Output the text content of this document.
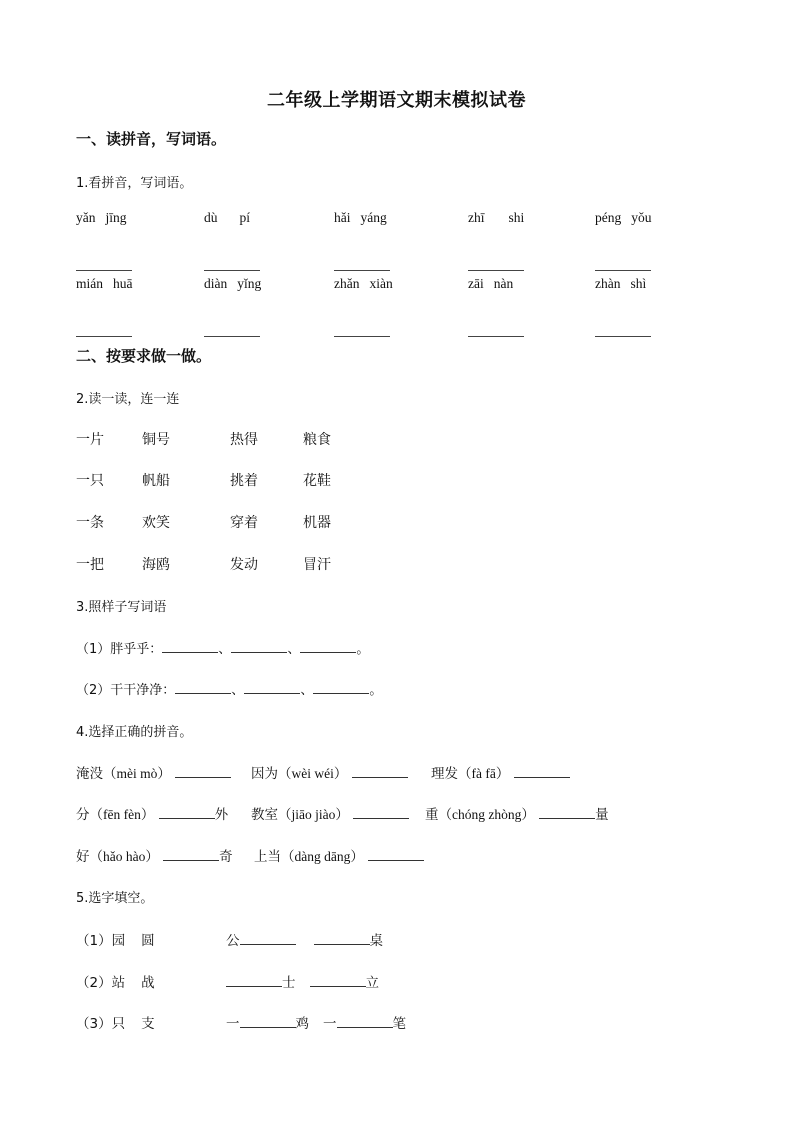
二年级上学期语文期末模拟试卷
一、读拼音，写词语。
1.看拼音，写词语。
yǎn jīng	dù pí	hǎi yáng	zhī shi	péng yǒu
mián huā	diàn yǐng	zhǎn xiàn	zāi nàn	zhàn shì
二、按要求做一做。
2.读一读，连一连
一片	铜号	热得	粮食
一只	帆船	挑着	花鞋
一条	欢笑	穿着	机器
一把	海鸥	发动	冒汗
3.照样子写词语
（1）胖乎乎：	、	、	。
（2）干干净净：	、	、	。
4.选择正确的拼音。
淹没（mèi mò）	因为（wèi wéi）	理发（fà fā）
分（fēn fèn）	外 教室（jiāo jiào）	重（chóng zhòng）	量
好（hǎo hào）	奇 上当（dàng dāng）
5.选字填空。
（1）园 圆	公	桌
（2）站 战	士	立
（3）只 支	一	鸡 一	笔
